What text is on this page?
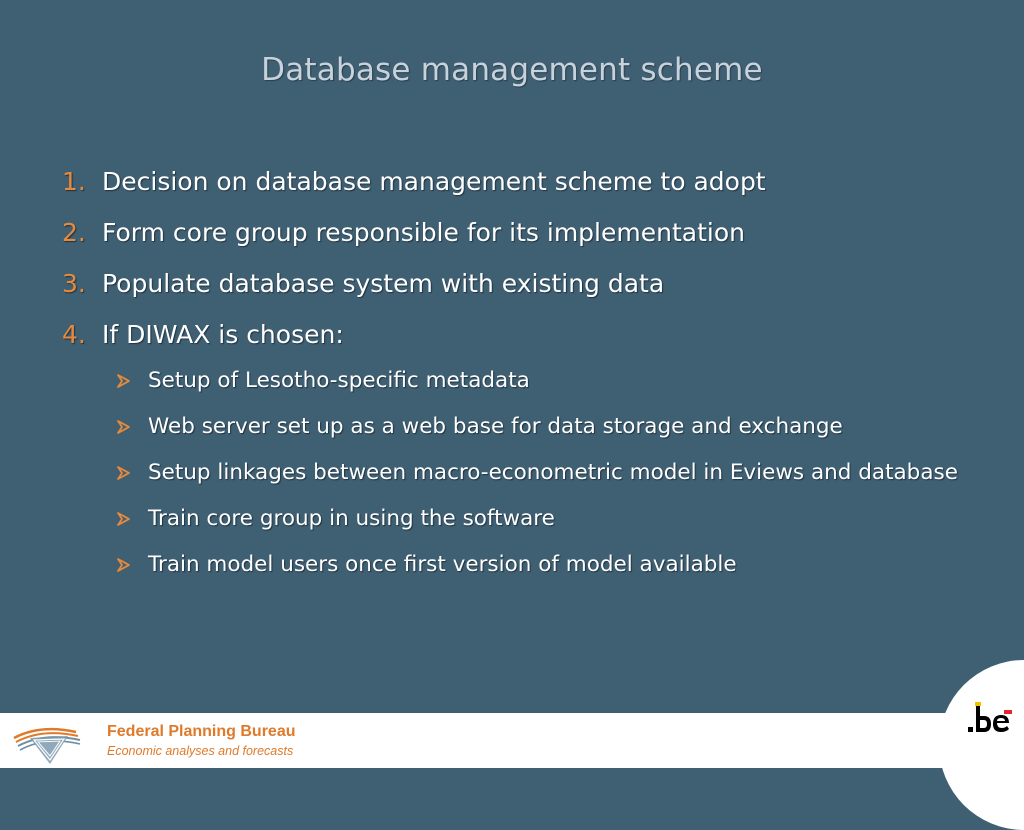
Database management scheme
1. Decision on database management scheme to adopt
2. Form core group responsible for its implementation
3. Populate database system with existing data
4. If DIWAX is chosen:
Setup of Lesotho-specific metadata
Web server set up as a web base for data storage and exchange
Setup linkages between macro-econometric model in Eviews and database
Train core group in using the software
Train model users once first version of model available
Federal Planning Bureau
Economic analyses and forecasts
